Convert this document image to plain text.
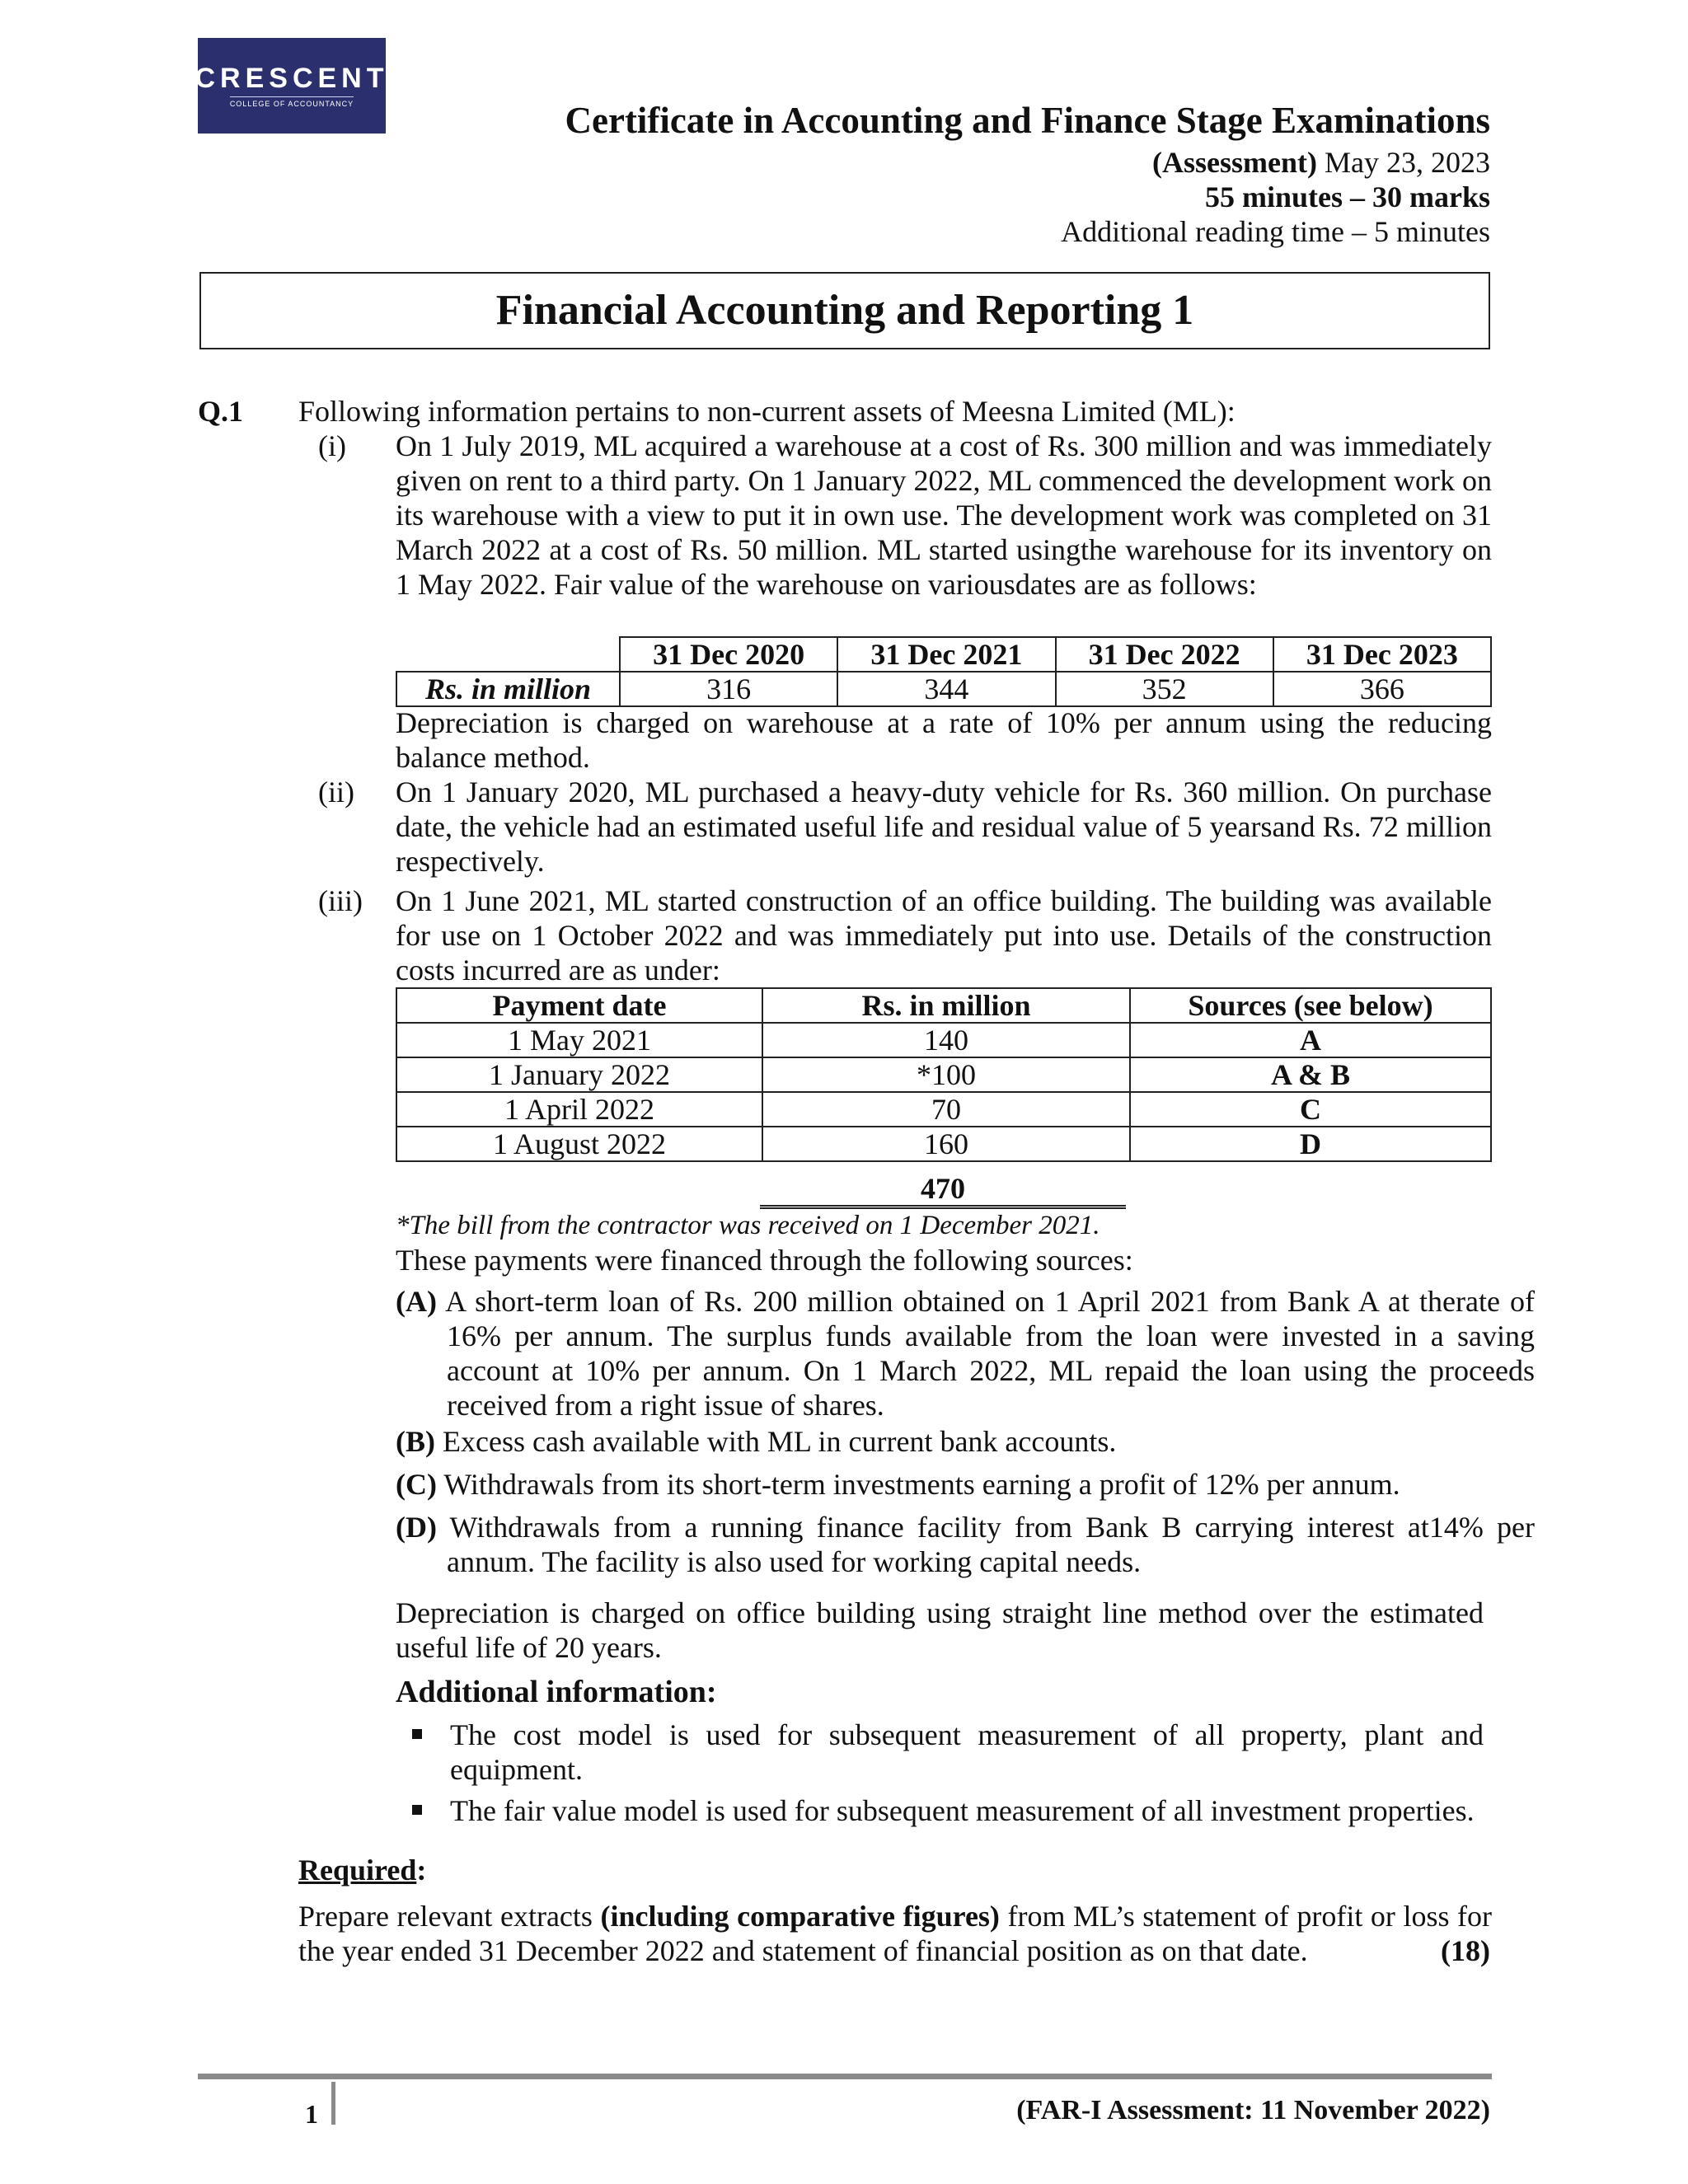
CRESCENT
COLLEGE OF ACCOUNTANCY	Certificate in Accounting and Finance Stage Examinations
(Assessment) May 23, 2023
55 minutes – 30 marks
Additional reading time – 5 minutes
Financial Accounting and Reporting 1
Q.1 Following information pertains to non-current assets of Meesna Limited (ML):
(i)	On 1 July 2019, ML acquired a warehouse at a cost of Rs. 300 million and was immediately given on rent to a third party. On 1 January 2022, ML commenced the development work on its warehouse with a view to put it in own use. The development work was completed on 31 March 2022 at a cost of Rs. 50 million. ML started usingthe warehouse for its inventory on 1 May 2022. Fair value of the warehouse on variousdates are as follows:

	31 Dec 2020	31 Dec 2021	31 Dec 2022	31 Dec 2023
Rs. in million	316	344	352	366
Depreciation is charged on warehouse at a rate of 10% per annum using the reducing balance method.
(ii)	On 1 January 2020, ML purchased a heavy-duty vehicle for Rs. 360 million. On purchase date, the vehicle had an estimated useful life and residual value of 5 yearsand Rs. 72 million respectively.
(iii) On 1 June 2021, ML started construction of an office building. The building was available for use on 1 October 2022 and was immediately put into use. Details of the construction costs incurred are as under:
Payment date	Rs. in million	Sources (see below)
1 May 2021	140	A
1 January 2022	*100	A & B
1 April 2022	70	C
1 August 2022	160	D
470
*The bill from the contractor was received on 1 December 2021.
These payments were financed through the following sources:
(A) A short-term loan of Rs. 200 million obtained on 1 April 2021 from Bank A at therate of 16% per annum. The surplus funds available from the loan were invested in a saving account at 10% per annum. On 1 March 2022, ML repaid the loan using the proceeds received from a right issue of shares.
(B) Excess cash available with ML in current bank accounts.
(C) Withdrawals from its short-term investments earning a profit of 12% per annum.
(D) Withdrawals from a running finance facility from Bank B carrying interest at14% per annum. The facility is also used for working capital needs.
Depreciation is charged on office building using straight line method over the estimated useful life of 20 years.
Additional information:
The cost model is used for subsequent measurement of all property, plant and equipment.
The fair value model is used for subsequent measurement of all investment properties.
Required:
Prepare relevant extracts (including comparative figures) from ML’s statement of profit or loss for the year ended 31 December 2022 and statement of financial position as on that date.	(18)
1	(FAR-I Assessment: 11 November 2022)
